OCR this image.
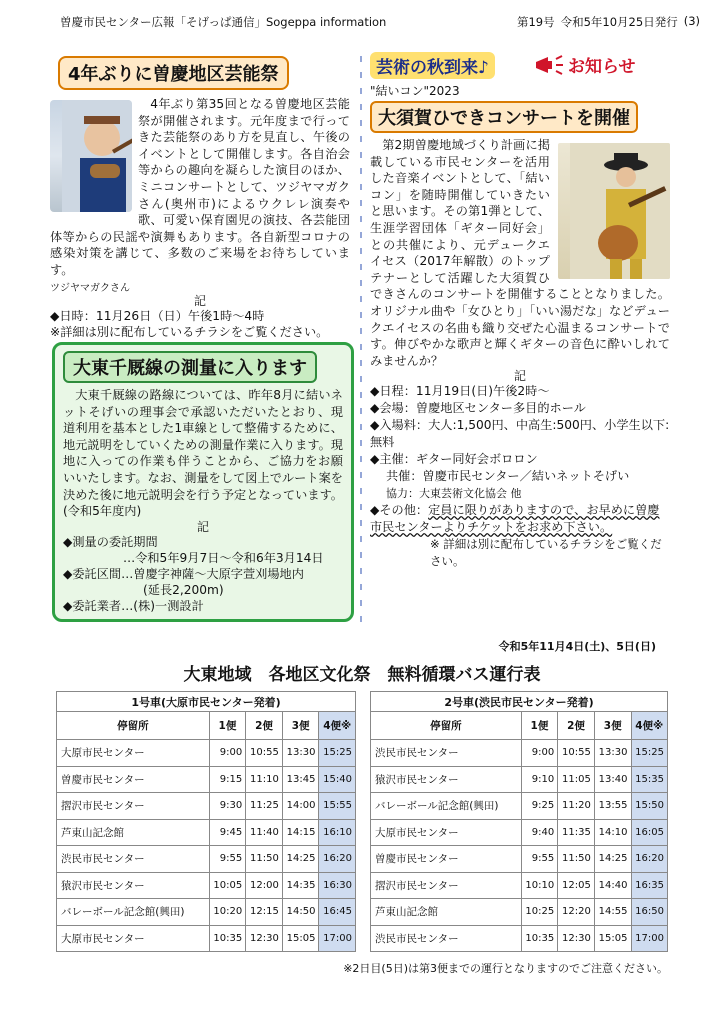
曽慶市民センター広報「そげっぱ通信」Sogeppa information	第19号 令和5年10月25日発行 (3)
4年ぶりに曽慶地区芸能祭
4年ぶり第35回となる曽慶地区芸能祭が開催されます。元年度まで行ってきた芸能祭のあり方を見直し、午後のイベントとして開催します。各自治会等からの趣向を凝らした演目のほか、ミニコンサートとして、ツジヤマガクさん(奥州市)によるウクレレ演奏や歌、可愛い保育園児の演技、各芸能団体等からの民謡や演舞もあります。各自新型コロナの感染対策を講じて、多数のご来場をお待ちしています。
ツジヤマガクさん
記
◆日時：11月26日（日）午後1時〜4時
※詳細は別に配布しているチラシをご覧ください。
大東千厩線の測量に入ります
大東千厩線の路線については、昨年8月に結いネットそげいの理事会で承認いただいたとおり、現道利用を基本とした1車線として整備するために、地元説明をしていくための測量作業に入ります。現地に入っての作業も伴うことから、ご協力をお願いいたします。なお、測量をして図上でルート案を決めた後に地元説明会を行う予定となっています。(令和5年度内)
記
◆測量の委託期間
…令和5年9月7日〜令和6年3月14日
◆委託区間…曽慶字神薩〜大原字萱刈場地内
(延長2,200m)
◆委託業者…(株)一测設計
芸術の秋到来♪	お知らせ
"結いコン"2023
大須賀ひできコンサートを開催
第2期曽慶地域づくり計画に掲載している市民センターを活用した音楽イベントとして、「結いコン」を随時開催していきたいと思います。その第1弾として、生涯学習団体「ギター同好会」との共催により、元デュークエイセス（2017年解散）のトップテナーとして活躍した大須賀ひできさんのコンサートを開催することとなりました。オリジナル曲や「女ひとり」「いい湯だな」などデュークエイセスの名曲も織り交ぜた心温まるコンサートです。伸びやかな歌声と輝くギターの音色に酔いしれてみませんか？
記
◆日程：11月19日(日)午後2時〜
◆会場：曽慶地区センター多目的ホール
◆入場料：大人:1,500円、中高生:500円、小学生以下:無料
◆主催：ギター同好会ボロロン
共催：曽慶市民センター／結いネットそげい
協力：大東芸術文化協会 他
◆その他：定員に限りがありますので、お早めに曽慶市民センターよりチケットをお求め下さい。
※ 詳細は別に配布しているチラシをご覧ください。
令和5年11月4日(土)、5日(日)
大東地域　各地区文化祭　無料循環バス運行表
1号車(大原市民センター発着)				
停留所	1便	2便	3便	4便※
大原市民センター	9:00	10:55	13:30	15:25
曽慶市民センター	9:15	11:10	13:45	15:40
摺沢市民センター	9:30	11:25	14:00	15:55
芦東山記念館	9:45	11:40	14:15	16:10
渋民市民センター	9:55	11:50	14:25	16:20
猿沢市民センター	10:05	12:00	14:35	16:30
バレーボール記念館(興田)	10:20	12:15	14:50	16:45
大原市民センター	10:35	12:30	15:05	17:00
2号車(渋民市民センター発着)				
停留所	1便	2便	3便	4便※
渋民市民センター	9:00	10:55	13:30	15:25
猿沢市民センター	9:10	11:05	13:40	15:35
バレーボール記念館(興田)	9:25	11:20	13:55	15:50
大原市民センター	9:40	11:35	14:10	16:05
曽慶市民センター	9:55	11:50	14:25	16:20
摺沢市民センター	10:10	12:05	14:40	16:35
芦東山記念館	10:25	12:20	14:55	16:50
渋民市民センター	10:35	12:30	15:05	17:00
※2日目(5日)は第3便までの運行となりますのでご注意ください。
